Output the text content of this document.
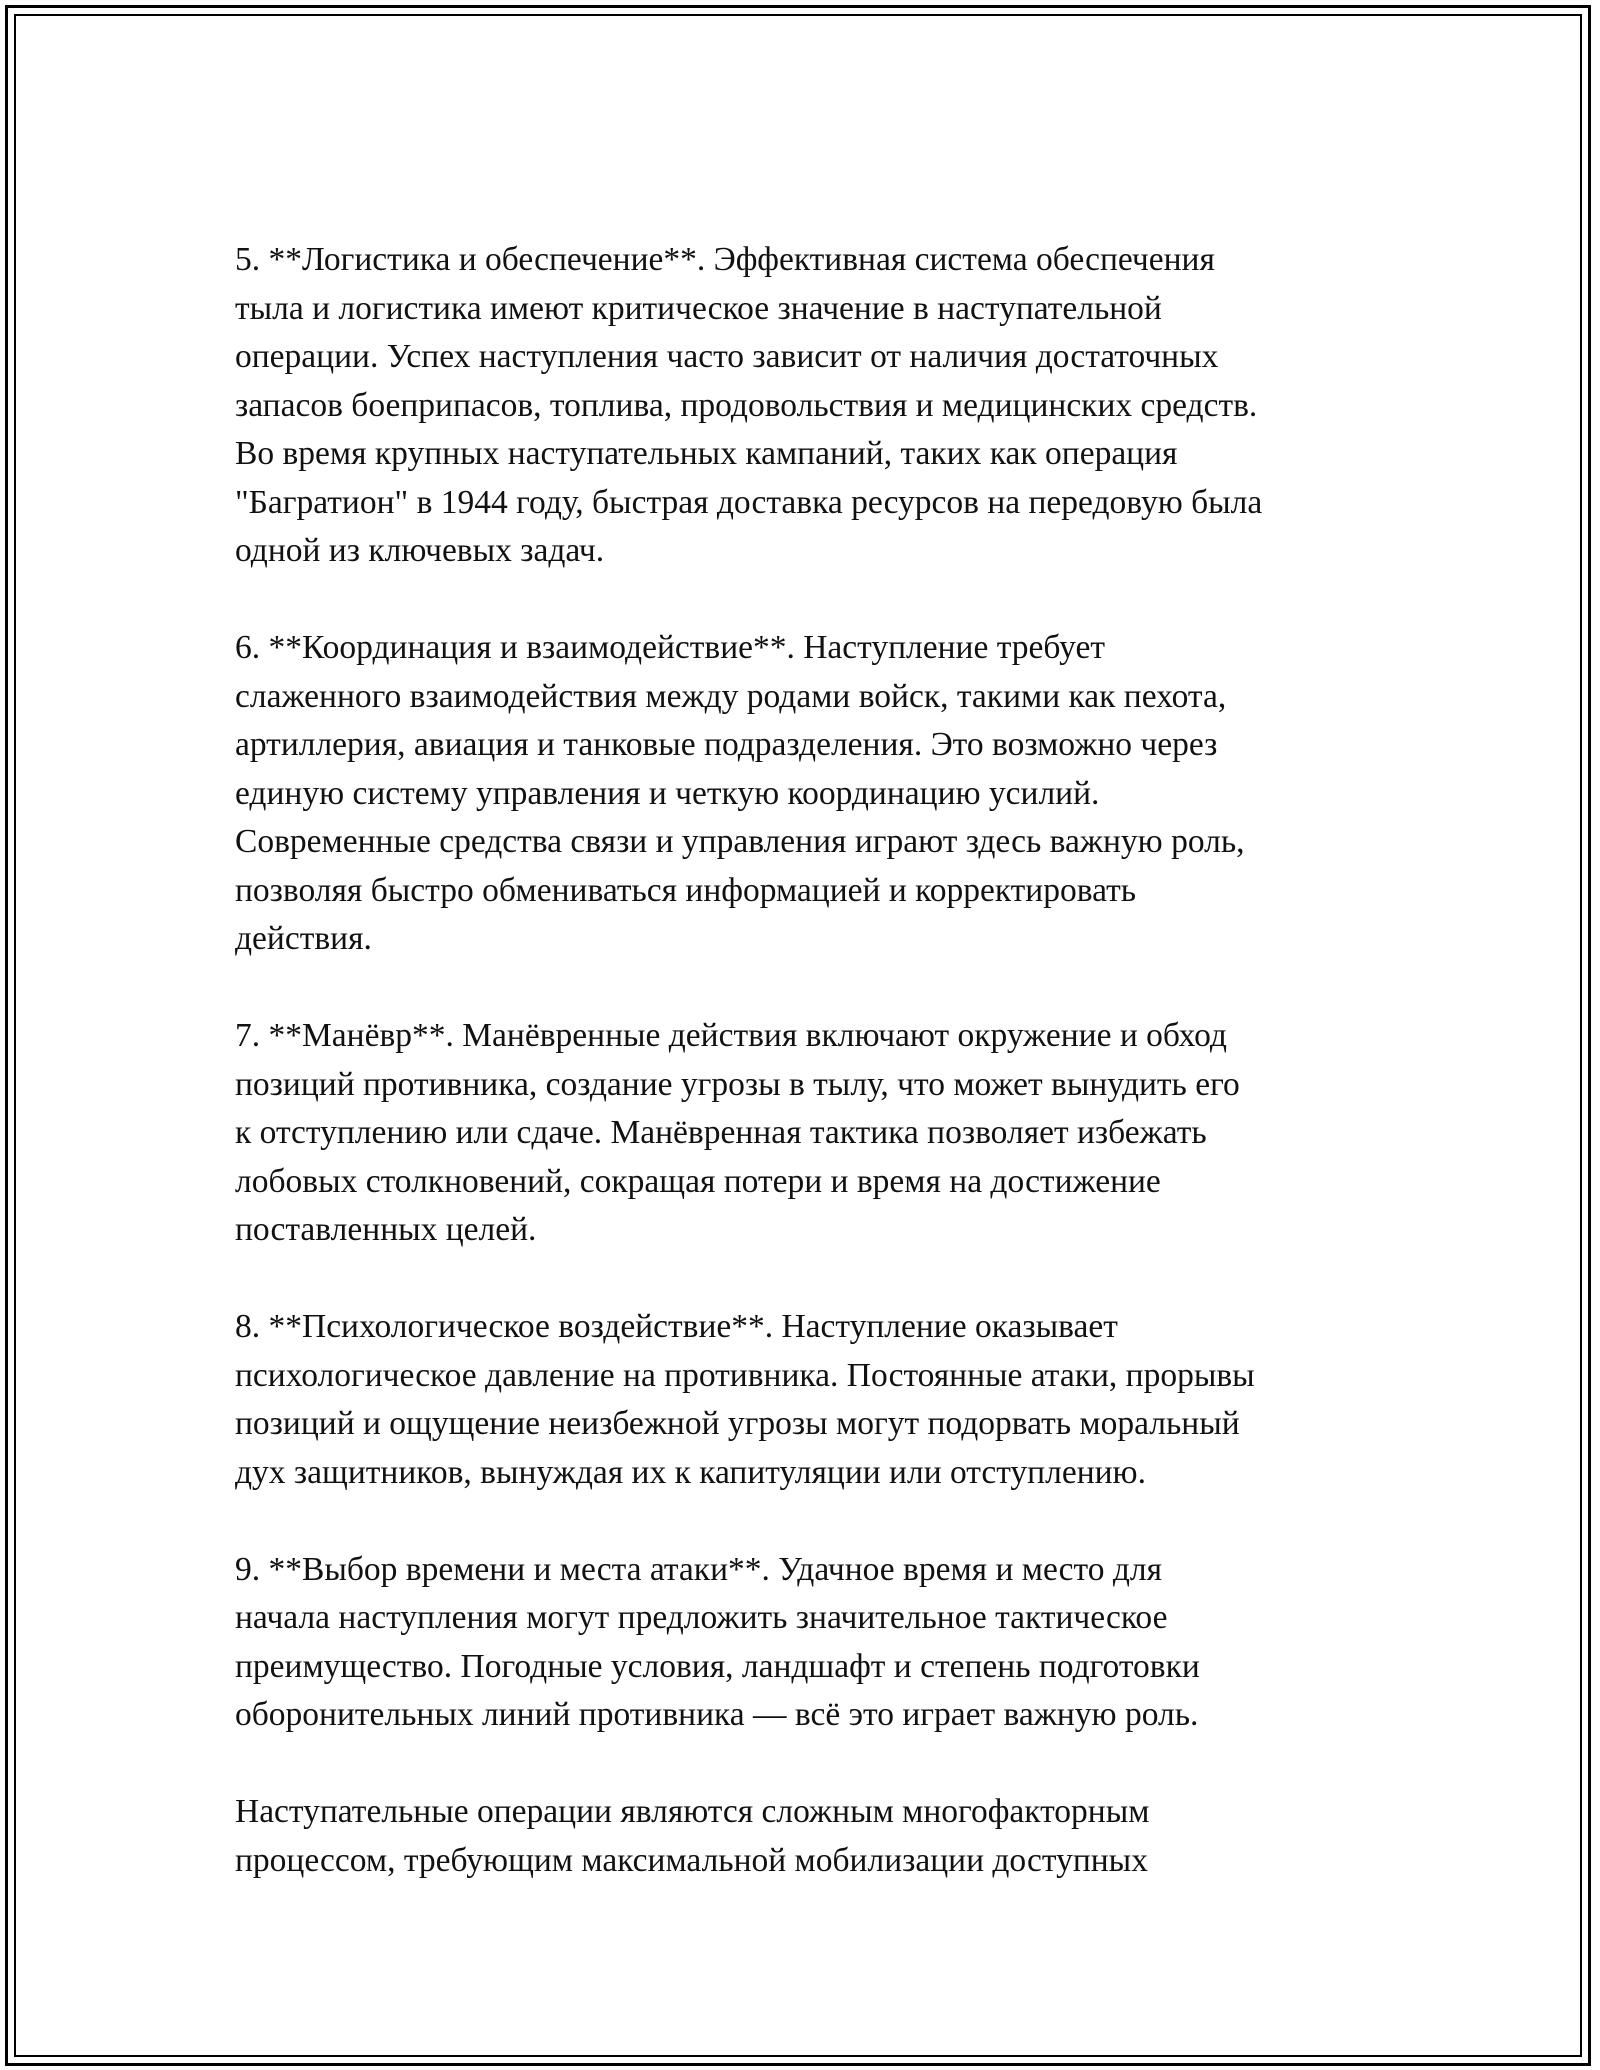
5. **Логистика и обеспечение**. Эффективная система обеспечения
тыла и логистика имеют критическое значение в наступательной
операции. Успех наступления часто зависит от наличия достаточных
запасов боеприпасов, топлива, продовольствия и медицинских средств.
Во время крупных наступательных кампаний, таких как операция
"Багратион" в 1944 году, быстрая доставка ресурсов на передовую была
одной из ключевых задач.

6. **Координация и взаимодействие**. Наступление требует
слаженного взаимодействия между родами войск, такими как пехота,
артиллерия, авиация и танковые подразделения. Это возможно через
единую систему управления и четкую координацию усилий.
Современные средства связи и управления играют здесь важную роль,
позволяя быстро обмениваться информацией и корректировать
действия.

7. **Манёвр**. Манёвренные действия включают окружение и обход
позиций противника, создание угрозы в тылу, что может вынудить его
к отступлению или сдаче. Манёвренная тактика позволяет избежать
лобовых столкновений, сокращая потери и время на достижение
поставленных целей.

8. **Психологическое воздействие**. Наступление оказывает
психологическое давление на противника. Постоянные атаки, прорывы
позиций и ощущение неизбежной угрозы могут подорвать моральный
дух защитников, вынуждая их к капитуляции или отступлению.

9. **Выбор времени и места атаки**. Удачное время и место для
начала наступления могут предложить значительное тактическое
преимущество. Погодные условия, ландшафт и степень подготовки
оборонительных линий противника — всё это играет важную роль.

Наступательные операции являются сложным многофакторным
процессом, требующим максимальной мобилизации доступных
